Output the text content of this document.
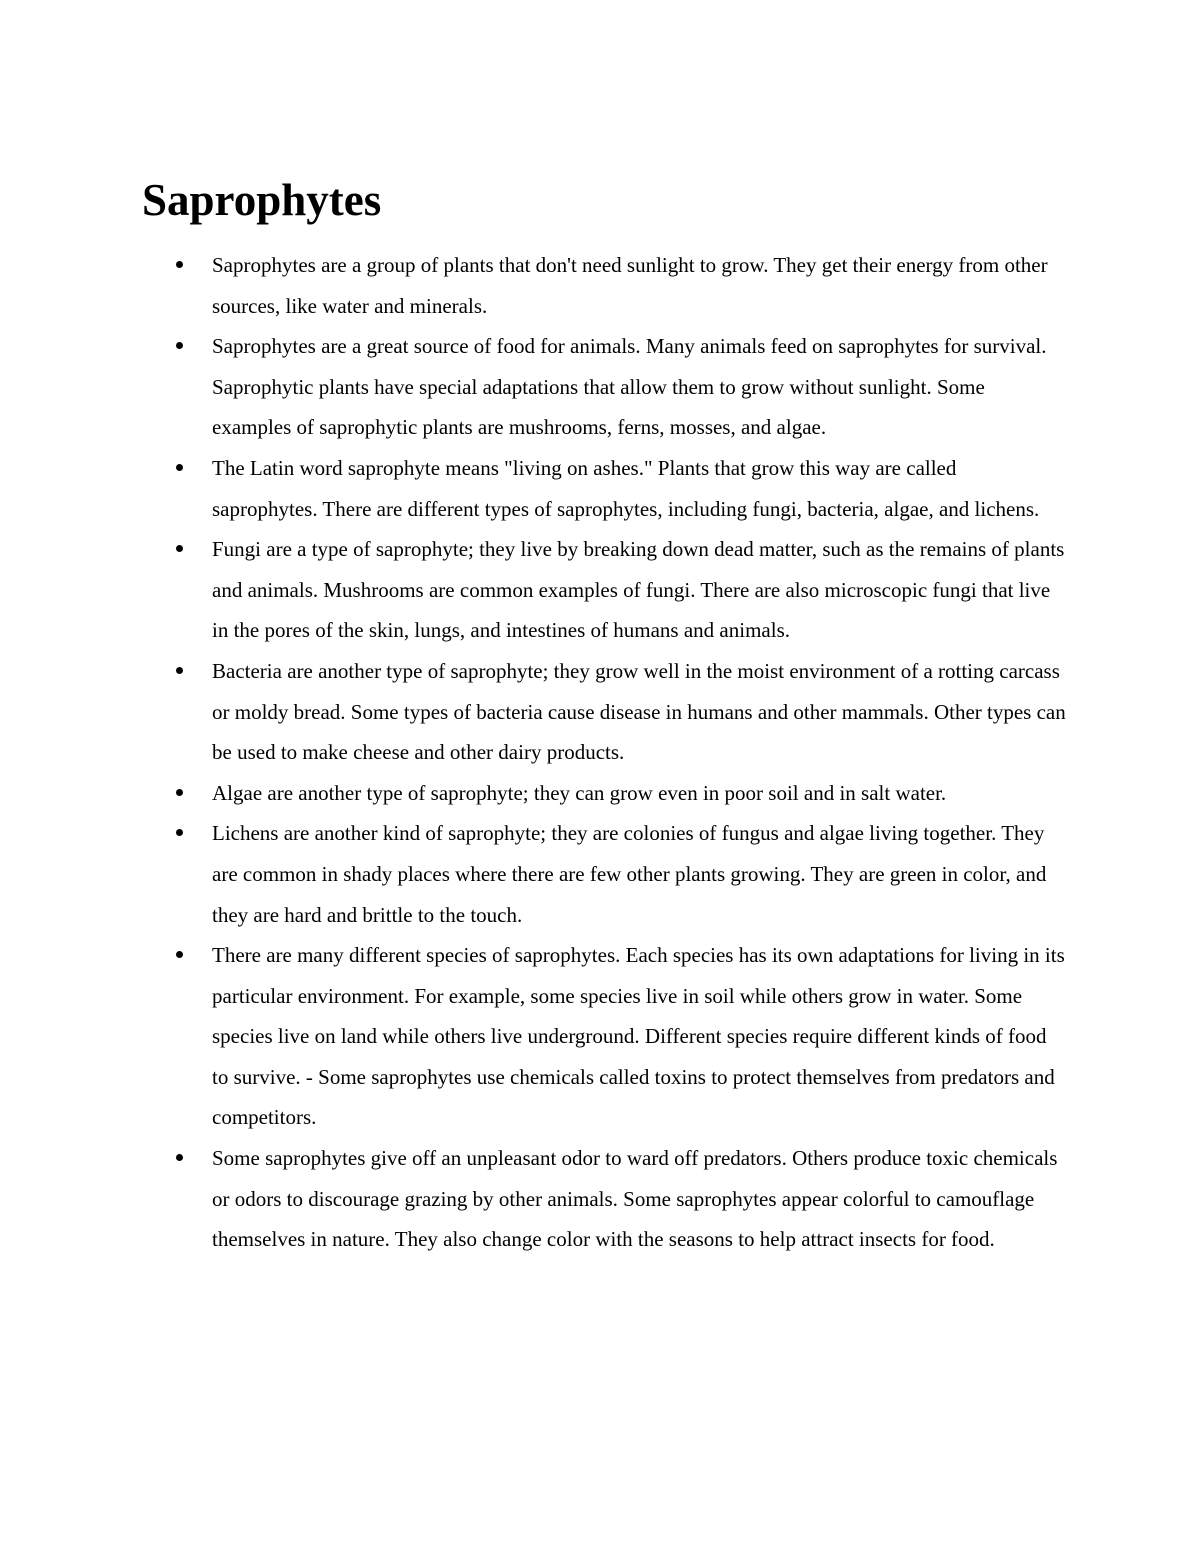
Saprophytes
Saprophytes are a group of plants that don't need sunlight to grow. They get their energy from other sources, like water and minerals.
Saprophytes are a great source of food for animals. Many animals feed on saprophytes for survival. Saprophytic plants have special adaptations that allow them to grow without sunlight. Some examples of saprophytic plants are mushrooms, ferns, mosses, and algae.
The Latin word saprophyte means "living on ashes." Plants that grow this way are called saprophytes. There are different types of saprophytes, including fungi, bacteria, algae, and lichens.
Fungi are a type of saprophyte; they live by breaking down dead matter, such as the remains of plants and animals. Mushrooms are common examples of fungi. There are also microscopic fungi that live in the pores of the skin, lungs, and intestines of humans and animals.
Bacteria are another type of saprophyte; they grow well in the moist environment of a rotting carcass or moldy bread. Some types of bacteria cause disease in humans and other mammals. Other types can be used to make cheese and other dairy products.
Algae are another type of saprophyte; they can grow even in poor soil and in salt water.
Lichens are another kind of saprophyte; they are colonies of fungus and algae living together. They are common in shady places where there are few other plants growing. They are green in color, and they are hard and brittle to the touch.
There are many different species of saprophytes. Each species has its own adaptations for living in its particular environment. For example, some species live in soil while others grow in water. Some species live on land while others live underground. Different species require different kinds of food to survive. - Some saprophytes use chemicals called toxins to protect themselves from predators and competitors.
Some saprophytes give off an unpleasant odor to ward off predators. Others produce toxic chemicals or odors to discourage grazing by other animals. Some saprophytes appear colorful to camouflage themselves in nature. They also change color with the seasons to help attract insects for food.
